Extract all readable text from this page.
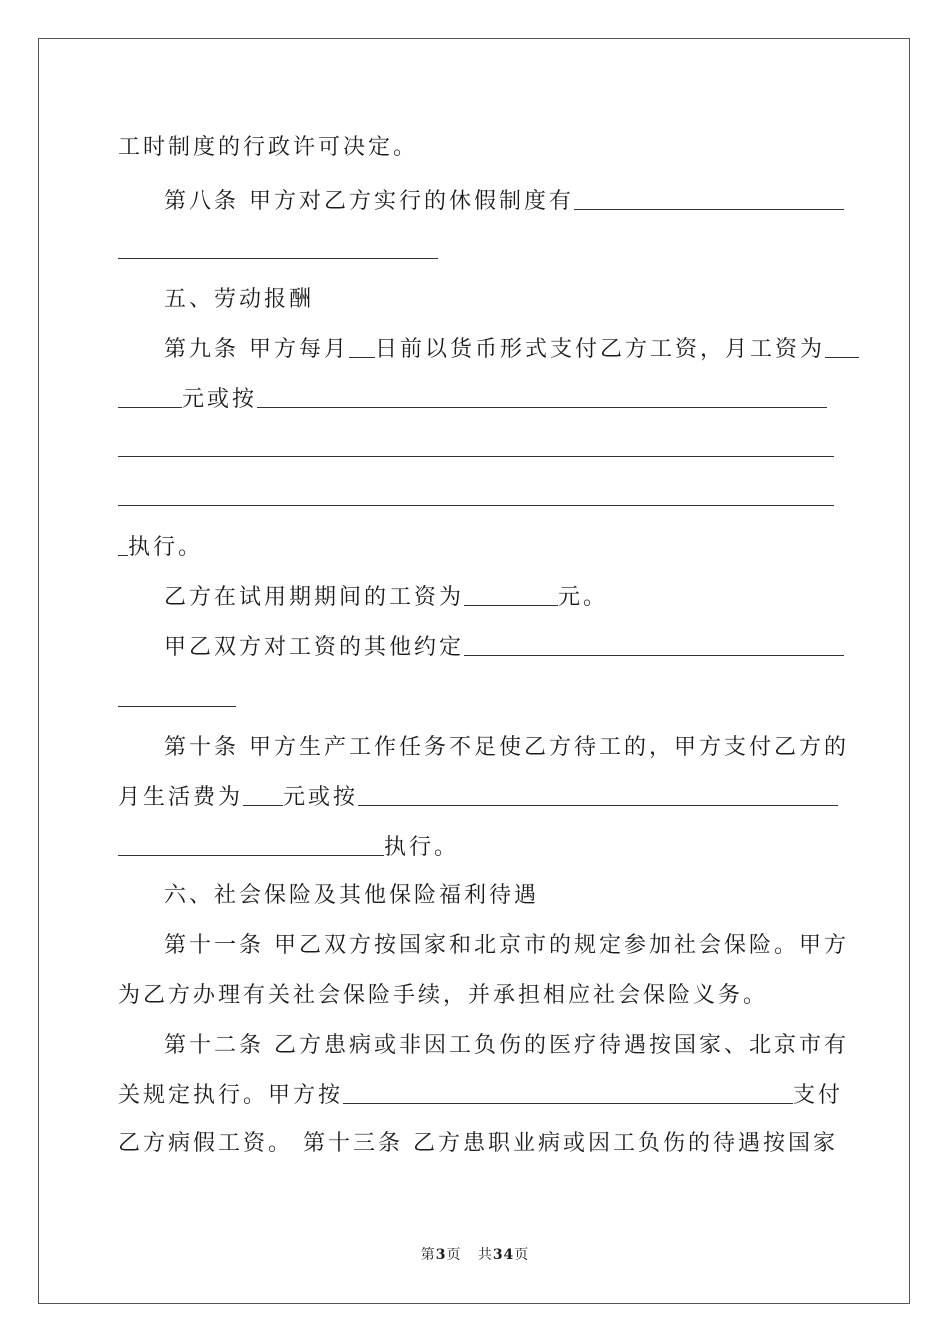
工时制度的行政许可决定。
第八条 甲方对乙方实行的休假制度有
五、劳动报酬
第九条 甲方每月 日前以货币形式支付乙方工资，月工资为
元或按
执行。
乙方在试用期期间的工资为	元。
甲乙双方对工资的其他约定
第十条 甲方生产工作任务不足使乙方待工的，甲方支付乙方的
月生活费为 元或按
执行。
六、社会保险及其他保险福利待遇
第十一条 甲乙双方按国家和北京市的规定参加社会保险。甲方
为乙方办理有关社会保险手续，并承担相应社会保险义务。
第十二条 乙方患病或非因工负伤的医疗待遇按国家、北京市有
关规定执行。甲方按	支付
乙方病假工资。 第十三条 乙方患职业病或因工负伤的待遇按国家
第3页 共34页
